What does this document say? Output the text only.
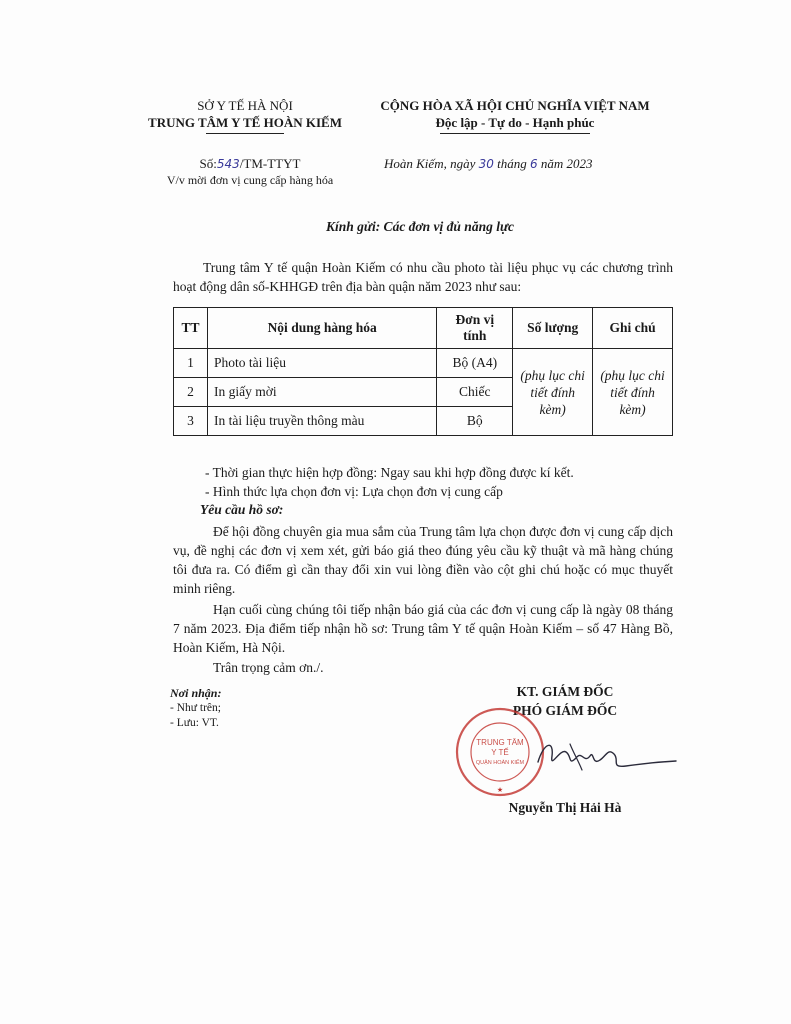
SỞ Y TẾ HÀ NỘI
TRUNG TÂM Y TẾ HOÀN KIẾM
CỘNG HÒA XÃ HỘI CHỦ NGHĨA VIỆT NAM
Độc lập - Tự do - Hạnh phúc
Số:543/TM-TTYT
V/v mời đơn vị cung cấp hàng hóa
Hoàn Kiếm, ngày 30 tháng 6 năm 2023
Kính gửi: Các đơn vị đủ năng lực
Trung tâm Y tế quận Hoàn Kiếm có nhu cầu photo tài liệu phục vụ các chương trình hoạt động dân số-KHHGĐ trên địa bàn quận năm 2023 như sau:
TT	Nội dung hàng hóa	Đơn vị tính	Số lượng	Ghi chú
1	Photo tài liệu	Bộ (A4)	(phụ lục chi tiết đính kèm)	(phụ lục chi tiết đính kèm)
2	In giấy mời	Chiếc		
3	In tài liệu truyền thông màu	Bộ		
- Thời gian thực hiện hợp đồng: Ngay sau khi hợp đồng được kí kết.
- Hình thức lựa chọn đơn vị: Lựa chọn đơn vị cung cấp
Yêu cầu hồ sơ:
Để hội đồng chuyên gia mua sắm của Trung tâm lựa chọn được đơn vị cung cấp dịch vụ, đề nghị các đơn vị xem xét, gửi báo giá theo đúng yêu cầu kỹ thuật và mã hàng chúng tôi đưa ra. Có điểm gì cần thay đổi xin vui lòng điền vào cột ghi chú hoặc có mục thuyết minh riêng.
Hạn cuối cùng chúng tôi tiếp nhận báo giá của các đơn vị cung cấp là ngày 08 tháng 7 năm 2023. Địa điểm tiếp nhận hồ sơ: Trung tâm Y tế quận Hoàn Kiếm – số 47 Hàng Bồ, Hoàn Kiếm, Hà Nội.
Trân trọng cảm ơn./.
Nơi nhận:
- Như trên;
- Lưu: VT.
KT. GIÁM ĐỐC
PHÓ GIÁM ĐỐC
TRUNG TÂM
Y TẾ
QUẬN HOÀN KIẾM
★
Nguyễn Thị Hải Hà
